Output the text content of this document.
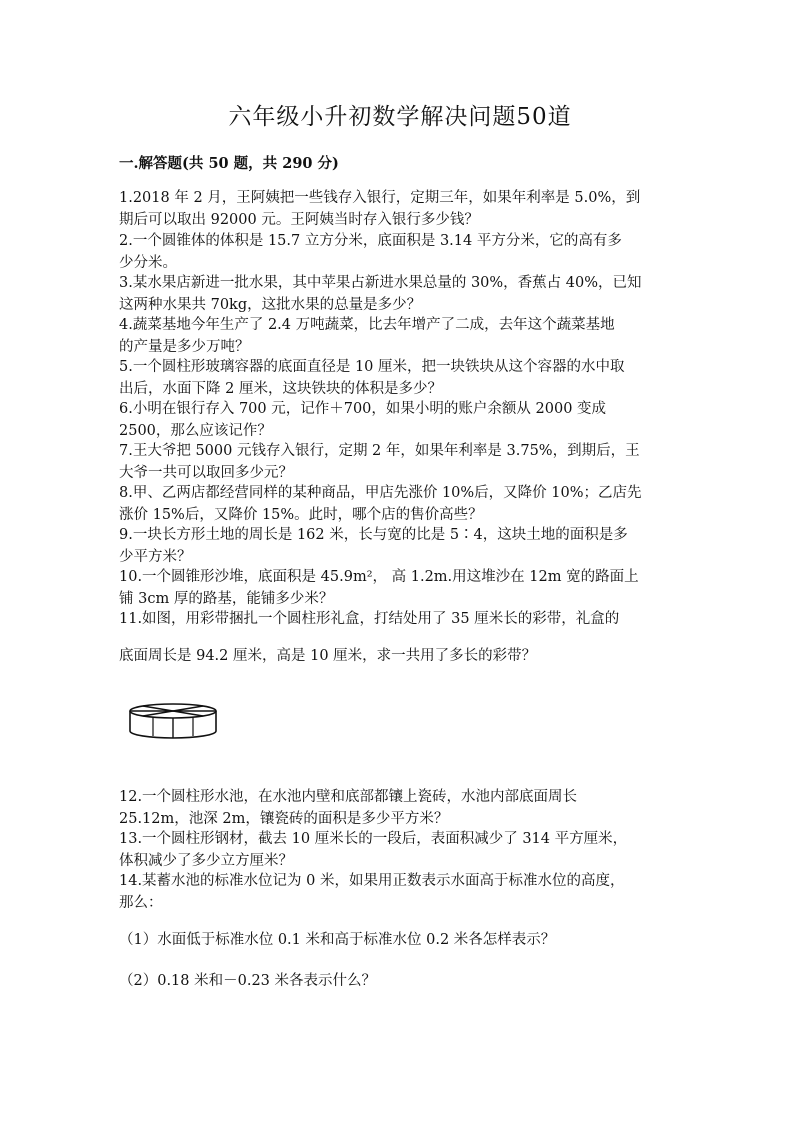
六年级小升初数学解决问题50道
一.解答题(共 50 题，共 290 分)
1.2018 年 2 月，王阿姨把一些钱存入银行，定期三年，如果年利率是 5.0%，到
期后可以取出 92000 元。王阿姨当时存入银行多少钱？
2.一个圆锥体的体积是 15.7 立方分米，底面积是 3.14 平方分米，它的高有多
少分米。
3.某水果店新进一批水果，其中苹果占新进水果总量的 30%，香蕉占 40%，已知
这两种水果共 70kg，这批水果的总量是多少？
4.蔬菜基地今年生产了 2.4 万吨蔬菜，比去年增产了二成，去年这个蔬菜基地
的产量是多少万吨？
5.一个圆柱形玻璃容器的底面直径是 10 厘米，把一块铁块从这个容器的水中取
出后，水面下降 2 厘米，这块铁块的体积是多少？
6.小明在银行存入 700 元，记作＋700，如果小明的账户余额从 2000 变成
2500，那么应该记作？
7.王大爷把 5000 元钱存入银行，定期 2 年，如果年利率是 3.75%，到期后，王
大爷一共可以取回多少元？
8.甲、乙两店都经营同样的某种商品，甲店先涨价 10%后，又降价 10%；乙店先
涨价 15%后，又降价 15%。此时，哪个店的售价高些？
9.一块长方形土地的周长是 162 米，长与宽的比是 5∶4，这块土地的面积是多
少平方米？
10.一个圆锥形沙堆，底面积是 45.9m²， 高 1.2m.用这堆沙在 12m 宽的路面上
铺 3cm 厚的路基，能铺多少米？
11.如图，用彩带捆扎一个圆柱形礼盒，打结处用了 35 厘米长的彩带，礼盒的
底面周长是 94.2 厘米，高是 10 厘米，求一共用了多长的彩带？
12.一个圆柱形水池，在水池内壁和底部都镶上瓷砖，水池内部底面周长
25.12m，池深 2m，镶瓷砖的面积是多少平方米？
13.一个圆柱形钢材，截去 10 厘米长的一段后，表面积减少了 314 平方厘米，
体积减少了多少立方厘米？
14.某蓄水池的标准水位记为 0 米，如果用正数表示水面高于标准水位的高度，
那么：
（1）水面低于标准水位 0.1 米和高于标准水位 0.2 米各怎样表示？
（2）0.18 米和－0.23 米各表示什么？
